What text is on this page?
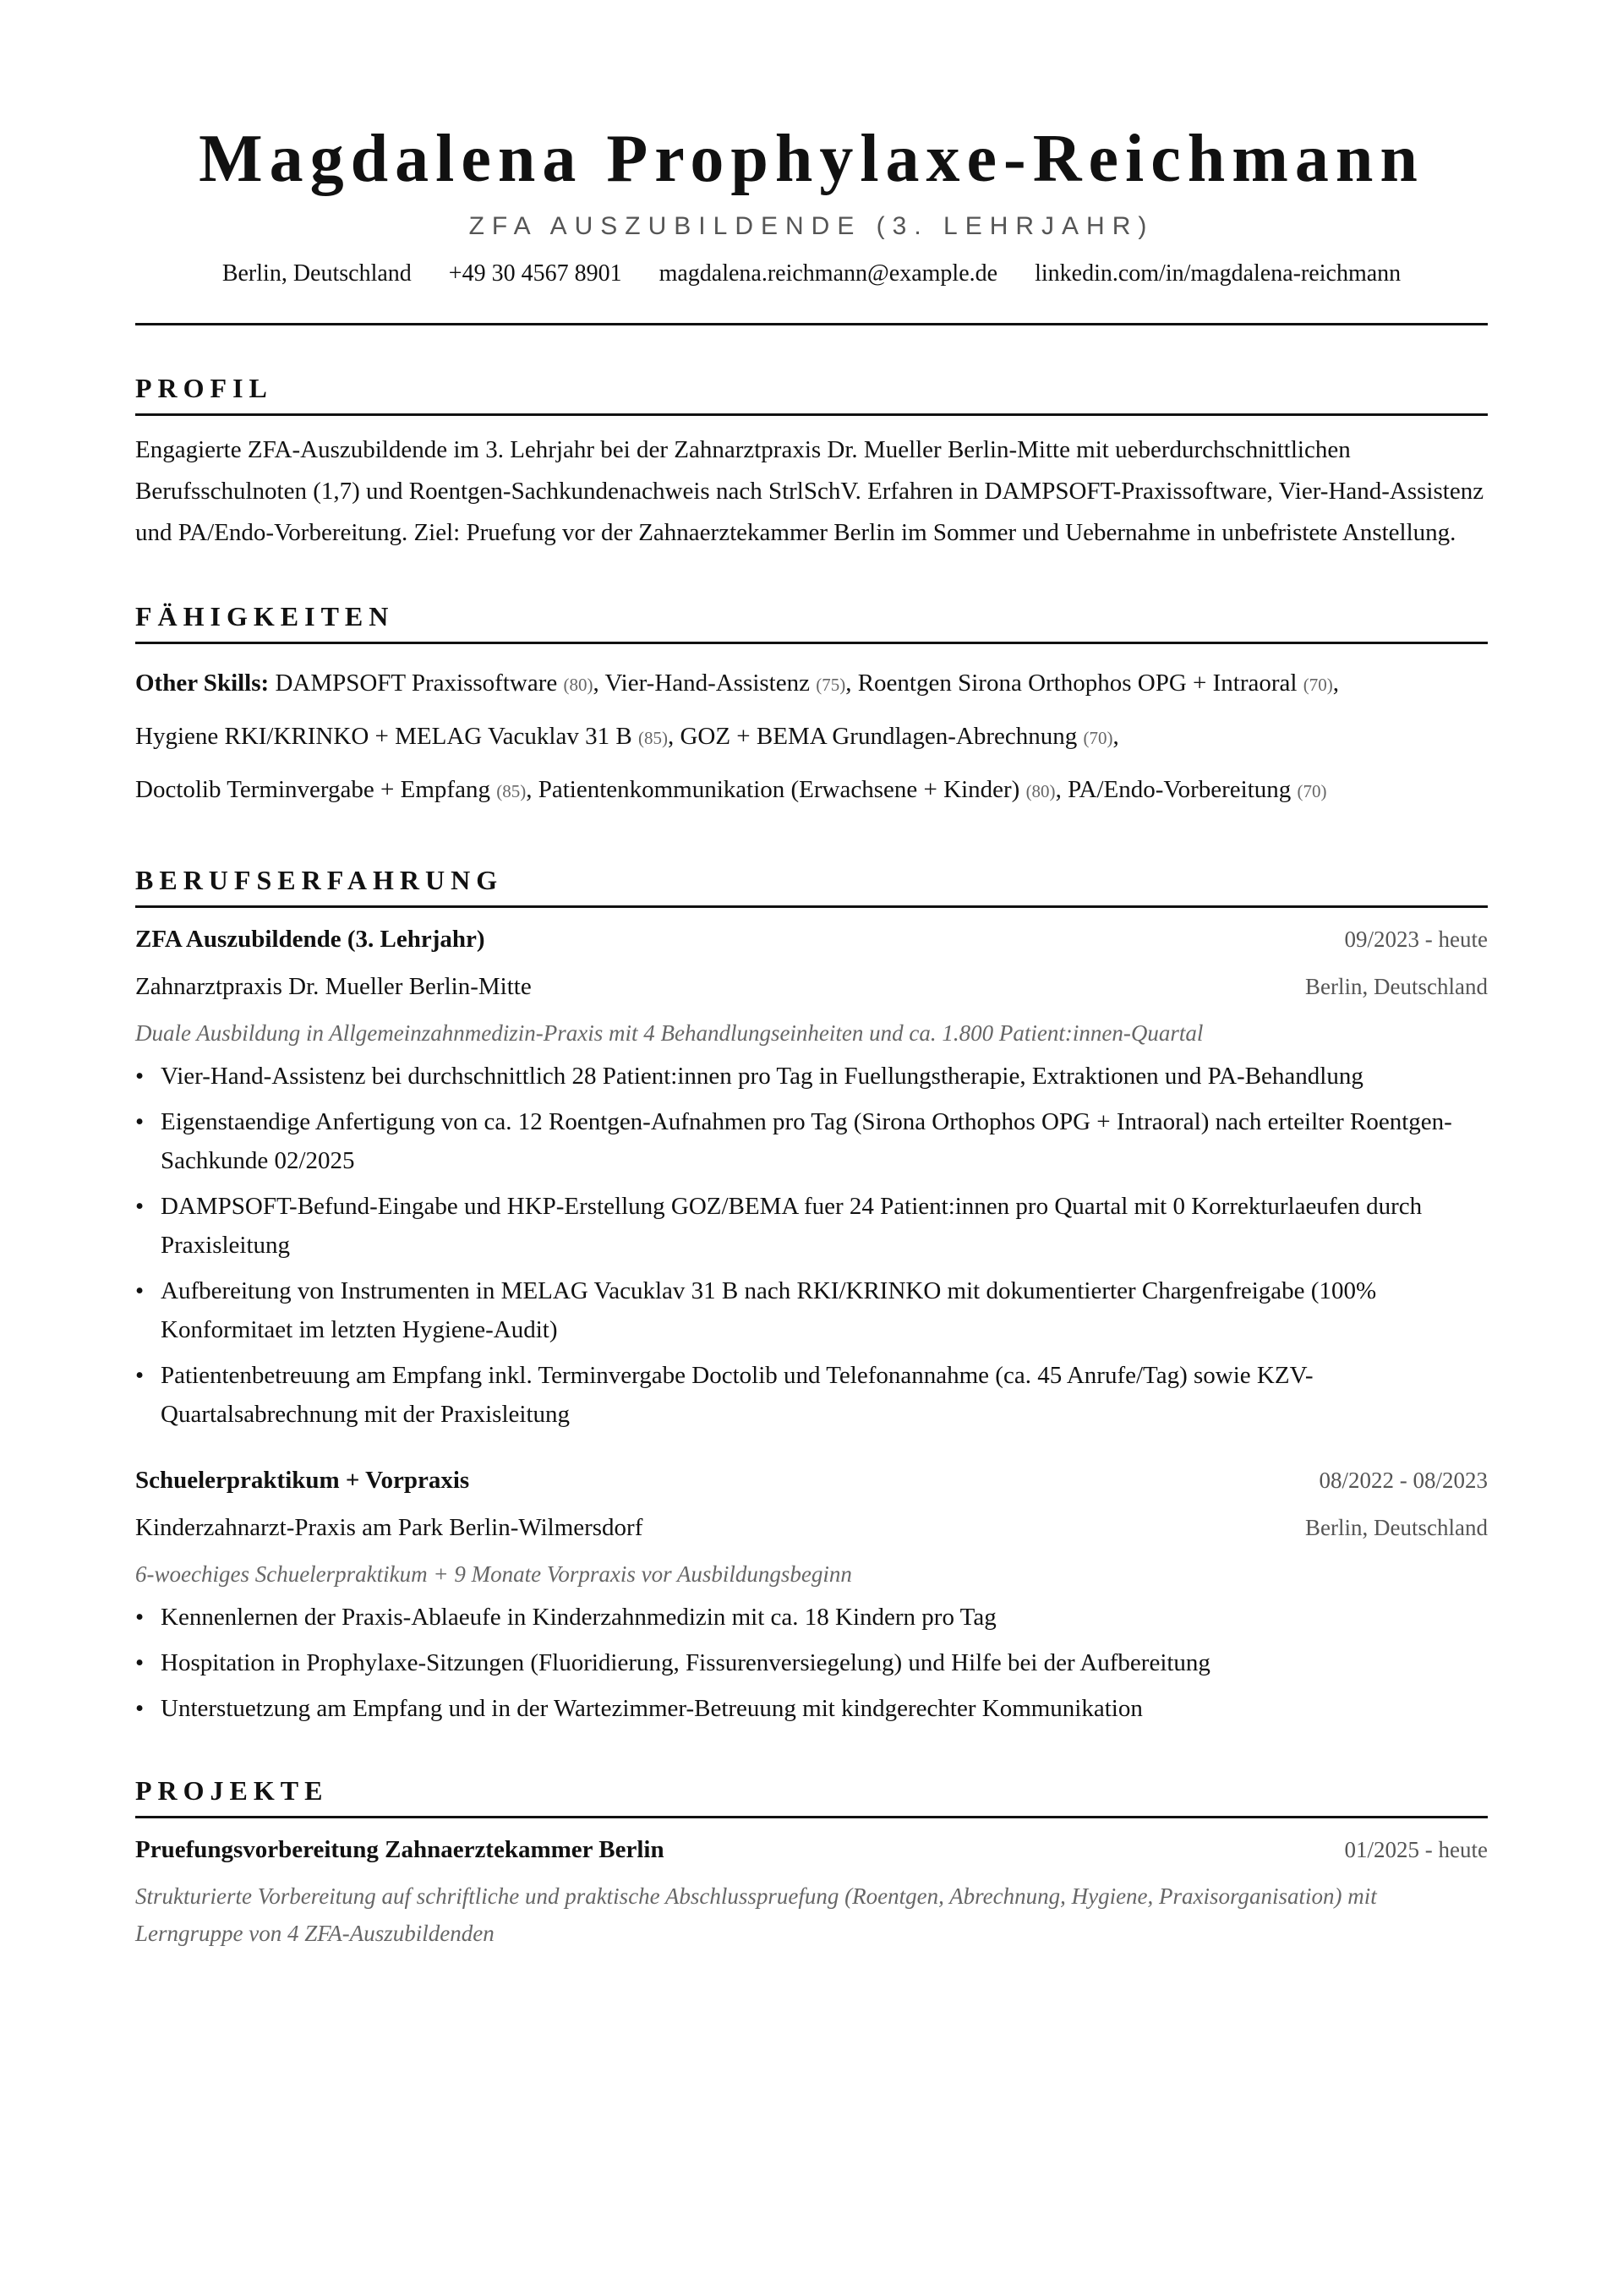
Magdalena Prophylaxe-Reichmann
ZFA AUSZUBILDENDE (3. LEHRJAHR)
Berlin, Deutschland +49 30 4567 8901 magdalena.reichmann@example.de linkedin.com/in/magdalena-reichmann
PROFIL

Engagierte ZFA-Auszubildende im 3. Lehrjahr bei der Zahnarztpraxis Dr. Mueller Berlin-Mitte mit ueberdurchschnittlichen Berufsschulnoten (1,7) und Roentgen-Sachkundenachweis nach StrlSchV. Erfahren in DAMPSOFT-Praxissoftware, Vier-Hand-Assistenz und PA/Endo-Vorbereitung. Ziel: Pruefung vor der Zahnaerztekammer Berlin im Sommer und Uebernahme in unbefristete Anstellung.

FÄHIGKEITEN
Other Skills: DAMPSOFT Praxissoftware (80), Vier-Hand-Assistenz (75), Roentgen Sirona Orthophos OPG + Intraoral (70),
Hygiene RKI/KRINKO + MELAG Vacuklav 31 B (85), GOZ + BEMA Grundlagen-Abrechnung (70),
Doctolib Terminvergabe + Empfang (85), Patientenkommunikation (Erwachsene + Kinder) (80), PA/Endo-Vorbereitung (70)
BERUFSERFAHRUNG
ZFA Auszubildende (3. Lehrjahr)	09/2023 - heute
Zahnarztpraxis Dr. Mueller Berlin-Mitte	Berlin, Deutschland
Duale Ausbildung in Allgemeinzahnmedizin-Praxis mit 4 Behandlungseinheiten und ca. 1.800 Patient:innen-Quartal
• Vier-Hand-Assistenz bei durchschnittlich 28 Patient:innen pro Tag in Fuellungstherapie, Extraktionen und PA-Behandlung
• Eigenstaendige Anfertigung von ca. 12 Roentgen-Aufnahmen pro Tag (Sirona Orthophos OPG + Intraoral) nach erteilter Roentgen-Sachkunde 02/2025
• DAMPSOFT-Befund-Eingabe und HKP-Erstellung GOZ/BEMA fuer 24 Patient:innen pro Quartal mit 0 Korrekturlaeufen durch Praxisleitung
• Aufbereitung von Instrumenten in MELAG Vacuklav 31 B nach RKI/KRINKO mit dokumentierter Chargenfreigabe (100% Konformitaet im letzten Hygiene-Audit)
• Patientenbetreuung am Empfang inkl. Terminvergabe Doctolib und Telefonannahme (ca. 45 Anrufe/Tag) sowie KZV-Quartalsabrechnung mit der Praxisleitung
Schuelerpraktikum + Vorpraxis	08/2022 - 08/2023
Kinderzahnarzt-Praxis am Park Berlin-Wilmersdorf	Berlin, Deutschland
6-woechiges Schuelerpraktikum + 9 Monate Vorpraxis vor Ausbildungsbeginn
• Kennenlernen der Praxis-Ablaeufe in Kinderzahnmedizin mit ca. 18 Kindern pro Tag
• Hospitation in Prophylaxe-Sitzungen (Fluoridierung, Fissurenversiegelung) und Hilfe bei der Aufbereitung
• Unterstuetzung am Empfang und in der Wartezimmer-Betreuung mit kindgerechter Kommunikation
PROJEKTE
Pruefungsvorbereitung Zahnaerztekammer Berlin	01/2025 - heute
Strukturierte Vorbereitung auf schriftliche und praktische Abschlusspruefung (Roentgen, Abrechnung, Hygiene, Praxisorganisation) mit Lerngruppe von 4 ZFA-Auszubildenden
